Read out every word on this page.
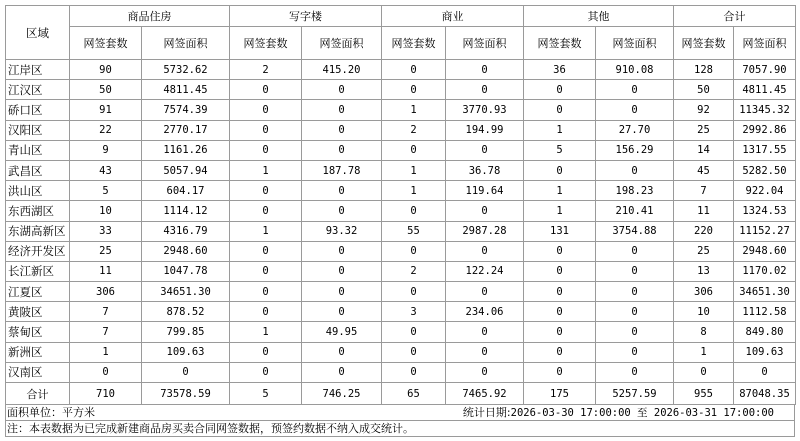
区域	商品住房		写字楼		商业		其他		合计	
	网签套数	网签面积	网签套数	网签面积	网签套数	网签面积	网签套数	网签面积	网签套数	网签面积
江岸区	90	5732.62	2	415.20	0	0	36	910.08	128	7057.90
江汉区	50	4811.45	0	0	0	0	0	0	50	4811.45
硚口区	91	7574.39	0	0	1	3770.93	0	0	92	11345.32
汉阳区	22	2770.17	0	0	2	194.99	1	27.70	25	2992.86
青山区	9	1161.26	0	0	0	0	5	156.29	14	1317.55
武昌区	43	5057.94	1	187.78	1	36.78	0	0	45	5282.50
洪山区	5	604.17	0	0	1	119.64	1	198.23	7	922.04
东西湖区	10	1114.12	0	0	0	0	1	210.41	11	1324.53
东湖高新区	33	4316.79	1	93.32	55	2987.28	131	3754.88	220	11152.27
经济开发区	25	2948.60	0	0	0	0	0	0	25	2948.60
长江新区	11	1047.78	0	0	2	122.24	0	0	13	1170.02
江夏区	306	34651.30	0	0	0	0	0	0	306	34651.30
黄陂区	7	878.52	0	0	3	234.06	0	0	10	1112.58
蔡甸区	7	799.85	1	49.95	0	0	0	0	8	849.80
新洲区	1	109.63	0	0	0	0	0	0	1	109.63
汉南区	0	0	0	0	0	0	0	0	0	0
合计	710	73578.59	5	746.25	65	7465.92	175	5257.59	955	87048.35
面积单位：平方米	统计日期:2026-03-30 17:00:00 至 2026-03-31 17:00:00
注：本表数据为已完成新建商品房买卖合同网签数据，预签约数据不纳入成交统计。
